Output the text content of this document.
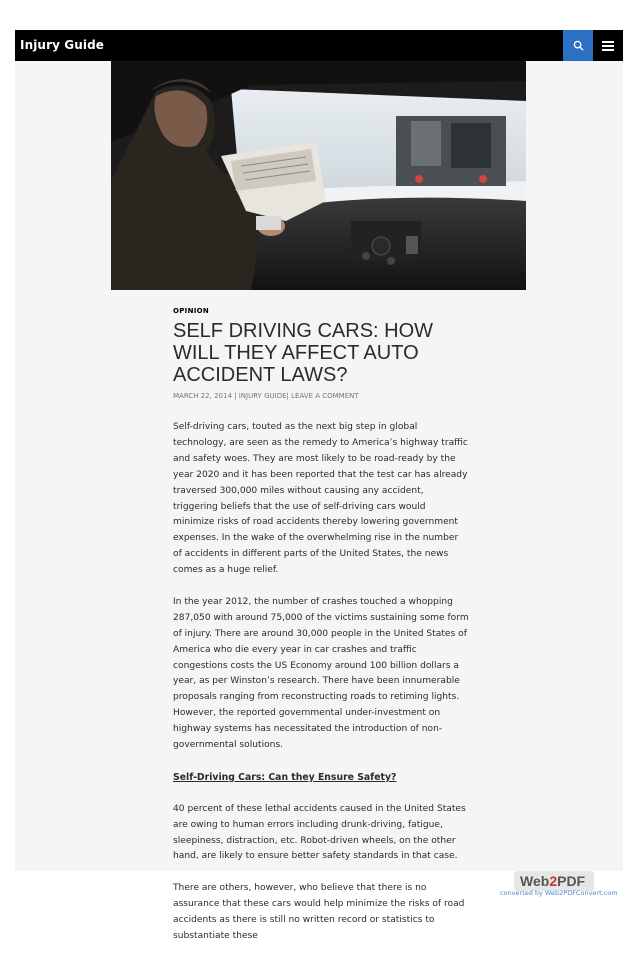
Injury Guide

OPINION

SELF DRIVING CARS: HOW WILL THEY AFFECT AUTO ACCIDENT LAWS?
MARCH 22, 2014 | INJURY GUIDE| LEAVE A COMMENT

Self-driving cars, touted as the next big step in global technology, are seen as the remedy to America’s highway traffic and safety woes. They are most likely to be road-ready by the year 2020 and it has been reported that the test car has already traversed 300,000 miles without causing any accident, triggering beliefs that the use of self-driving cars would minimize risks of road accidents thereby lowering government expenses. In the wake of the overwhelming rise in the number of accidents in different parts of the United States, the news comes as a huge relief.

In the year 2012, the number of crashes touched a whopping 287,050 with around 75,000 of the victims sustaining some form of injury. There are around 30,000 people in the United States of America who die every year in car crashes and traffic congestions costs the US Economy around 100 billion dollars a year, as per Winston’s research. There have been innumerable proposals ranging from reconstructing roads to retiming lights. However, the reported governmental under-investment on highway systems has necessitated the introduction of non-governmental solutions.

Self-Driving Cars: Can they Ensure Safety?

40 percent of these lethal accidents caused in the United States are owing to human errors including drunk-driving, fatigue, sleepiness, distraction, etc. Robot-driven wheels, on the other hand, are likely to ensure better safety standards in that case.

There are others, however, who believe that there is no assurance that these cars would help minimize the risks of road accidents as there is still no written record or statistics to substantiate these

Web2PDF
converted by Web2PDFConvert.com
